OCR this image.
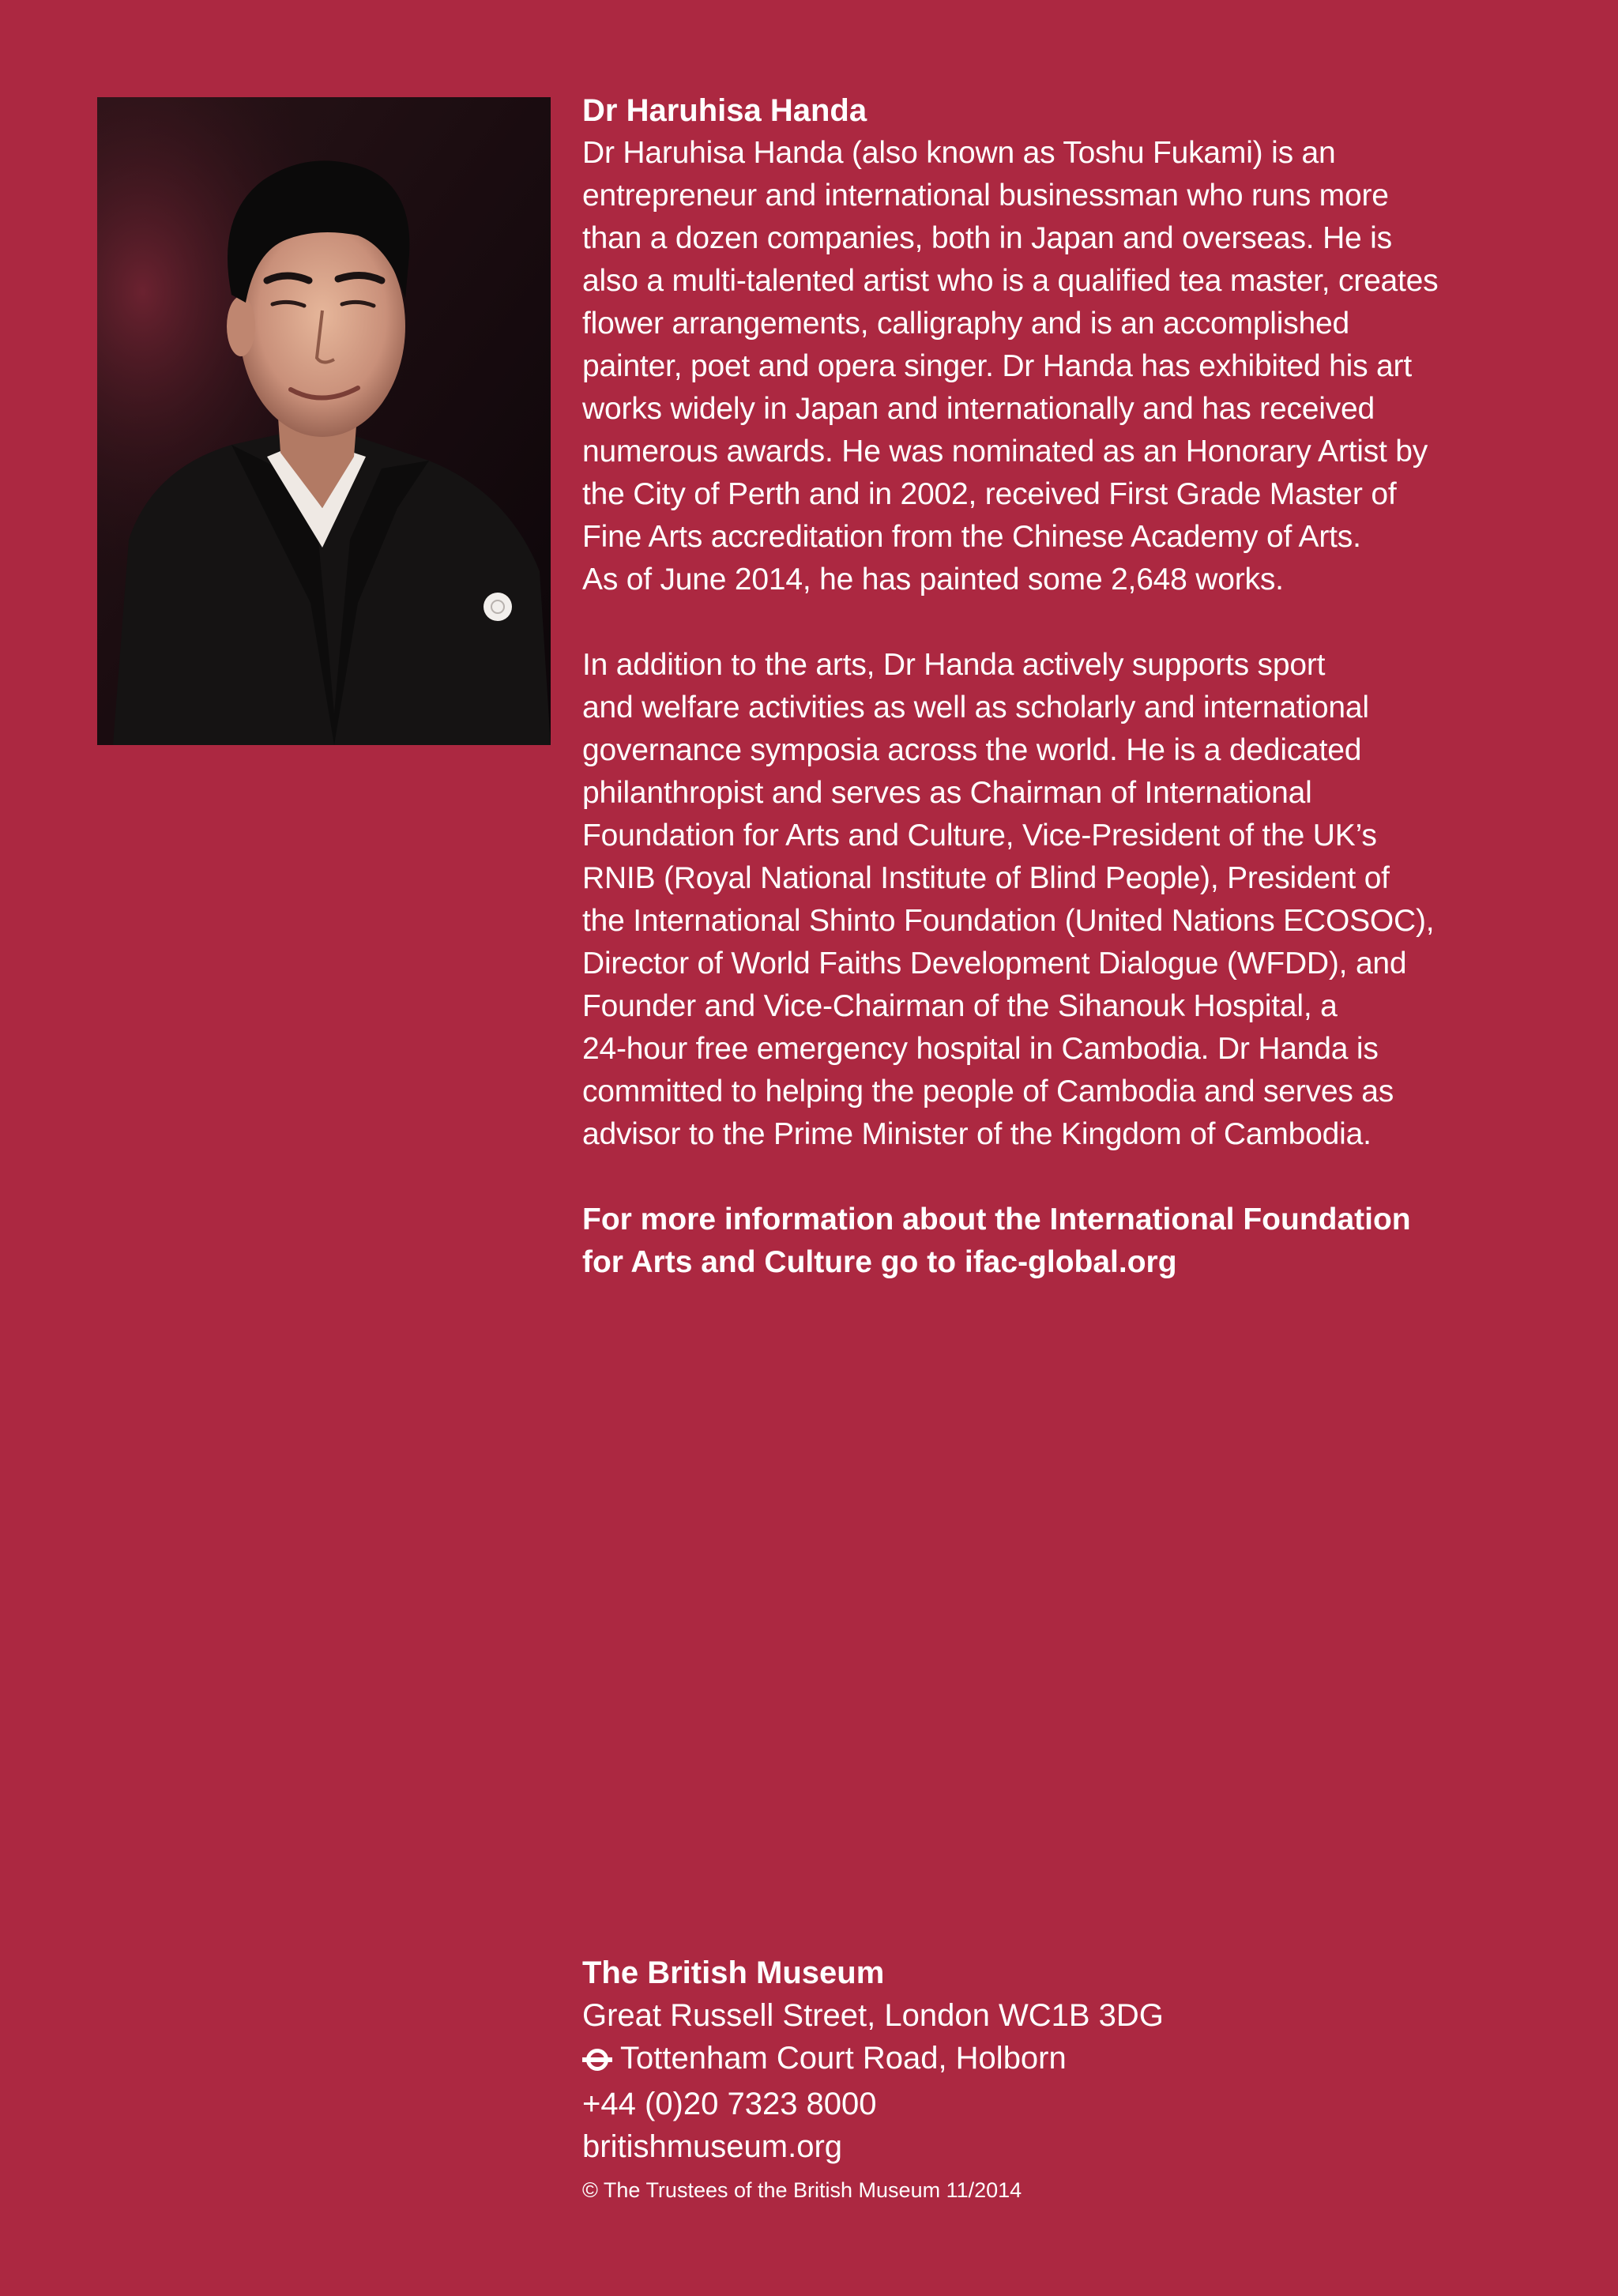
Dr Haruhisa Handa

Dr Haruhisa Handa (also known as Toshu Fukami) is an
entrepreneur and international businessman who runs more
than a dozen companies, both in Japan and overseas. He is
also a multi-talented artist who is a qualified tea master, creates
flower arrangements, calligraphy and is an accomplished
painter, poet and opera singer. Dr Handa has exhibited his art
works widely in Japan and internationally and has received
numerous awards. He was nominated as an Honorary Artist by
the City of Perth and in 2002, received First Grade Master of
Fine Arts accreditation from the Chinese Academy of Arts.
As of June 2014, he has painted some 2,648 works.

In addition to the arts, Dr Handa actively supports sport
and welfare activities as well as scholarly and international
governance symposia across the world. He is a dedicated
philanthropist and serves as Chairman of International
Foundation for Arts and Culture, Vice-President of the UK’s
RNIB (Royal National Institute of Blind People), President of
the International Shinto Foundation (United Nations ECOSOC),
Director of World Faiths Development Dialogue (WFDD), and
Founder and Vice-Chairman of the Sihanouk Hospital, a
24-hour free emergency hospital in Cambodia. Dr Handa is
committed to helping the people of Cambodia and serves as
advisor to the Prime Minister of the Kingdom of Cambodia.

For more information about the International Foundation
for Arts and Culture go to ifac-global.org

The British Museum

Great Russell Street, London WC1B 3DG

Tottenham Court Road, Holborn

+44 (0)20 7323 8000

britishmuseum.org

© The Trustees of the British Museum 11/2014
